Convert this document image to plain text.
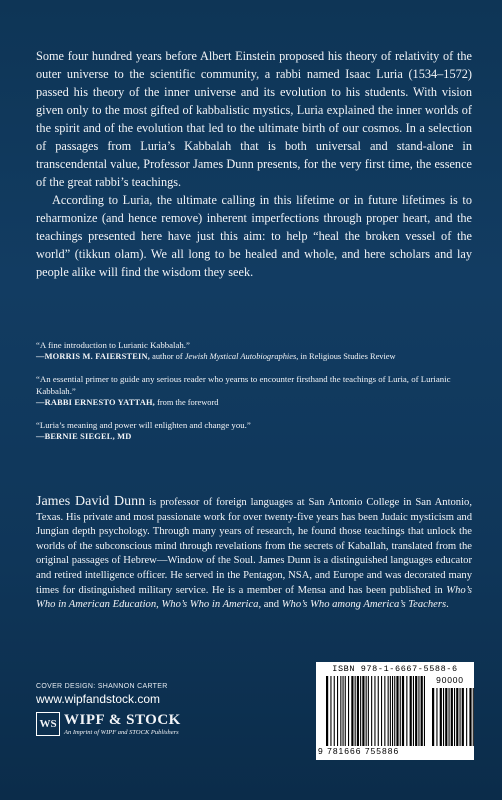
Some four hundred years before Albert Einstein proposed his theory of relativity of the outer universe to the scientific community, a rabbi named Isaac Luria (1534–1572) passed his theory of the inner universe and its evolution to his students. With vision given only to the most gifted of kabbalistic mystics, Luria explained the inner worlds of the spirit and of the evolution that led to the ultimate birth of our cosmos. In a selection of passages from Luria’s Kabbalah that is both universal and stand-alone in transcendental value, Professor James Dunn presents, for the very first time, the essence of the great rabbi’s teachings.

According to Luria, the ultimate calling in this lifetime or in future lifetimes is to reharmonize (and hence remove) inherent imperfections through proper heart, and the teachings presented here have just this aim: to help “heal the broken vessel of the world” (tikkun olam). We all long to be healed and whole, and here scholars and lay people alike will find the wisdom they seek.

“A fine introduction to Lurianic Kabbalah.”
—MORRIS M. FAIERSTEIN, author of Jewish Mystical Autobiographies, in Religious Studies Review
“An essential primer to guide any serious reader who yearns to encounter firsthand the teachings of Luria, of Lurianic Kabbalah.”
—RABBI ERNESTO YATTAH, from the foreword
“Luria’s meaning and power will enlighten and change you.”
—BERNIE SIEGEL, MD
James David Dunn is professor of foreign languages at San Antonio College in San Antonio, Texas. His private and most passionate work for over twenty-five years has been Judaic mysticism and Jungian depth psychology. Through many years of research, he found those teachings that unlock the worlds of the subconscious mind through revelations from the secrets of Kaballah, translated from the original passages of Hebrew—Window of the Soul. James Dunn is a distinguished languages educator and retired intelligence officer. He served in the Pentagon, NSA, and Europe and was decorated many times for distinguished military service. He is a member of Mensa and has been published in Who’s Who in American Education, Who’s Who in America, and Who’s Who among America’s Teachers.
COVER DESIGN: SHANNON CARTER
www.wipfandstock.com
WS WIPF & STOCK
An Imprint of WIPF and STOCK Publishers
ISBN 978-1-6667-5588-6
9 781666 755886
90000
